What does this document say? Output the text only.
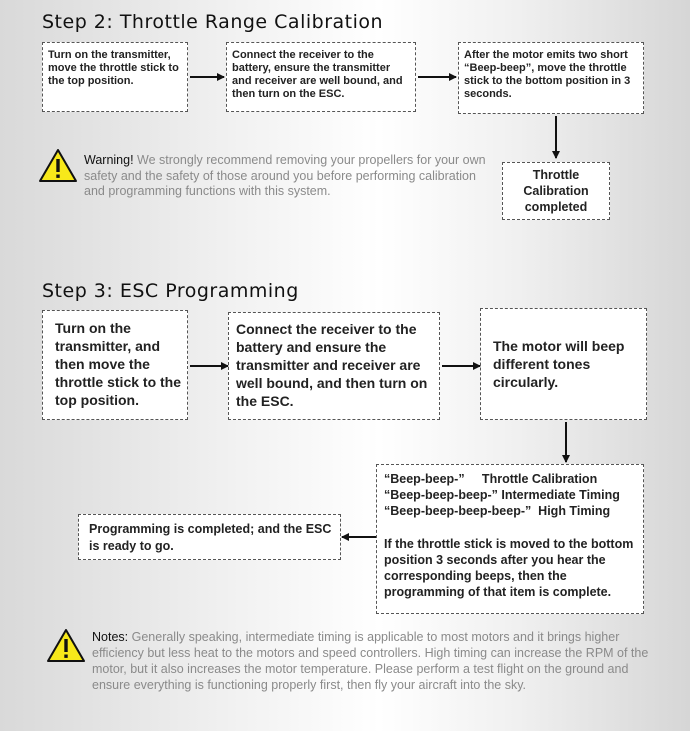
Step 2: Throttle Range Calibration
Turn on the transmitter, move the throttle stick to the top position.
Connect the receiver to the battery, ensure the transmitter and receiver are well bound, and then turn on the ESC.
After the motor emits two short “Beep-beep”, move the throttle stick to the bottom position in 3 seconds.
Throttle Calibration completed
Warning! We strongly recommend removing your propellers for your own safety and the safety of those around you before performing calibration and programming functions with this system.
Step 3: ESC Programming
Turn on the transmitter, and then move the throttle stick to the top position.
Connect the receiver to the battery and ensure the transmitter and receiver are well bound, and then turn on the ESC.
The motor will beep different tones circularly.
“Beep-beep-”     Throttle Calibration
“Beep-beep-beep-” Intermediate Timing
“Beep-beep-beep-beep-”  High Timing
If the throttle stick is moved to the bottom position 3 seconds after you hear the corresponding beeps, then the programming of that item is complete.
Programming is completed; and the ESC is ready to go.
Notes: Generally speaking, intermediate timing is applicable to most motors and it brings higher efficiency but less heat to the motors and speed controllers. High timing can increase the RPM of the motor, but it also increases the motor temperature. Please perform a test flight on the ground and ensure everything is functioning properly first, then fly your aircraft into the sky.
